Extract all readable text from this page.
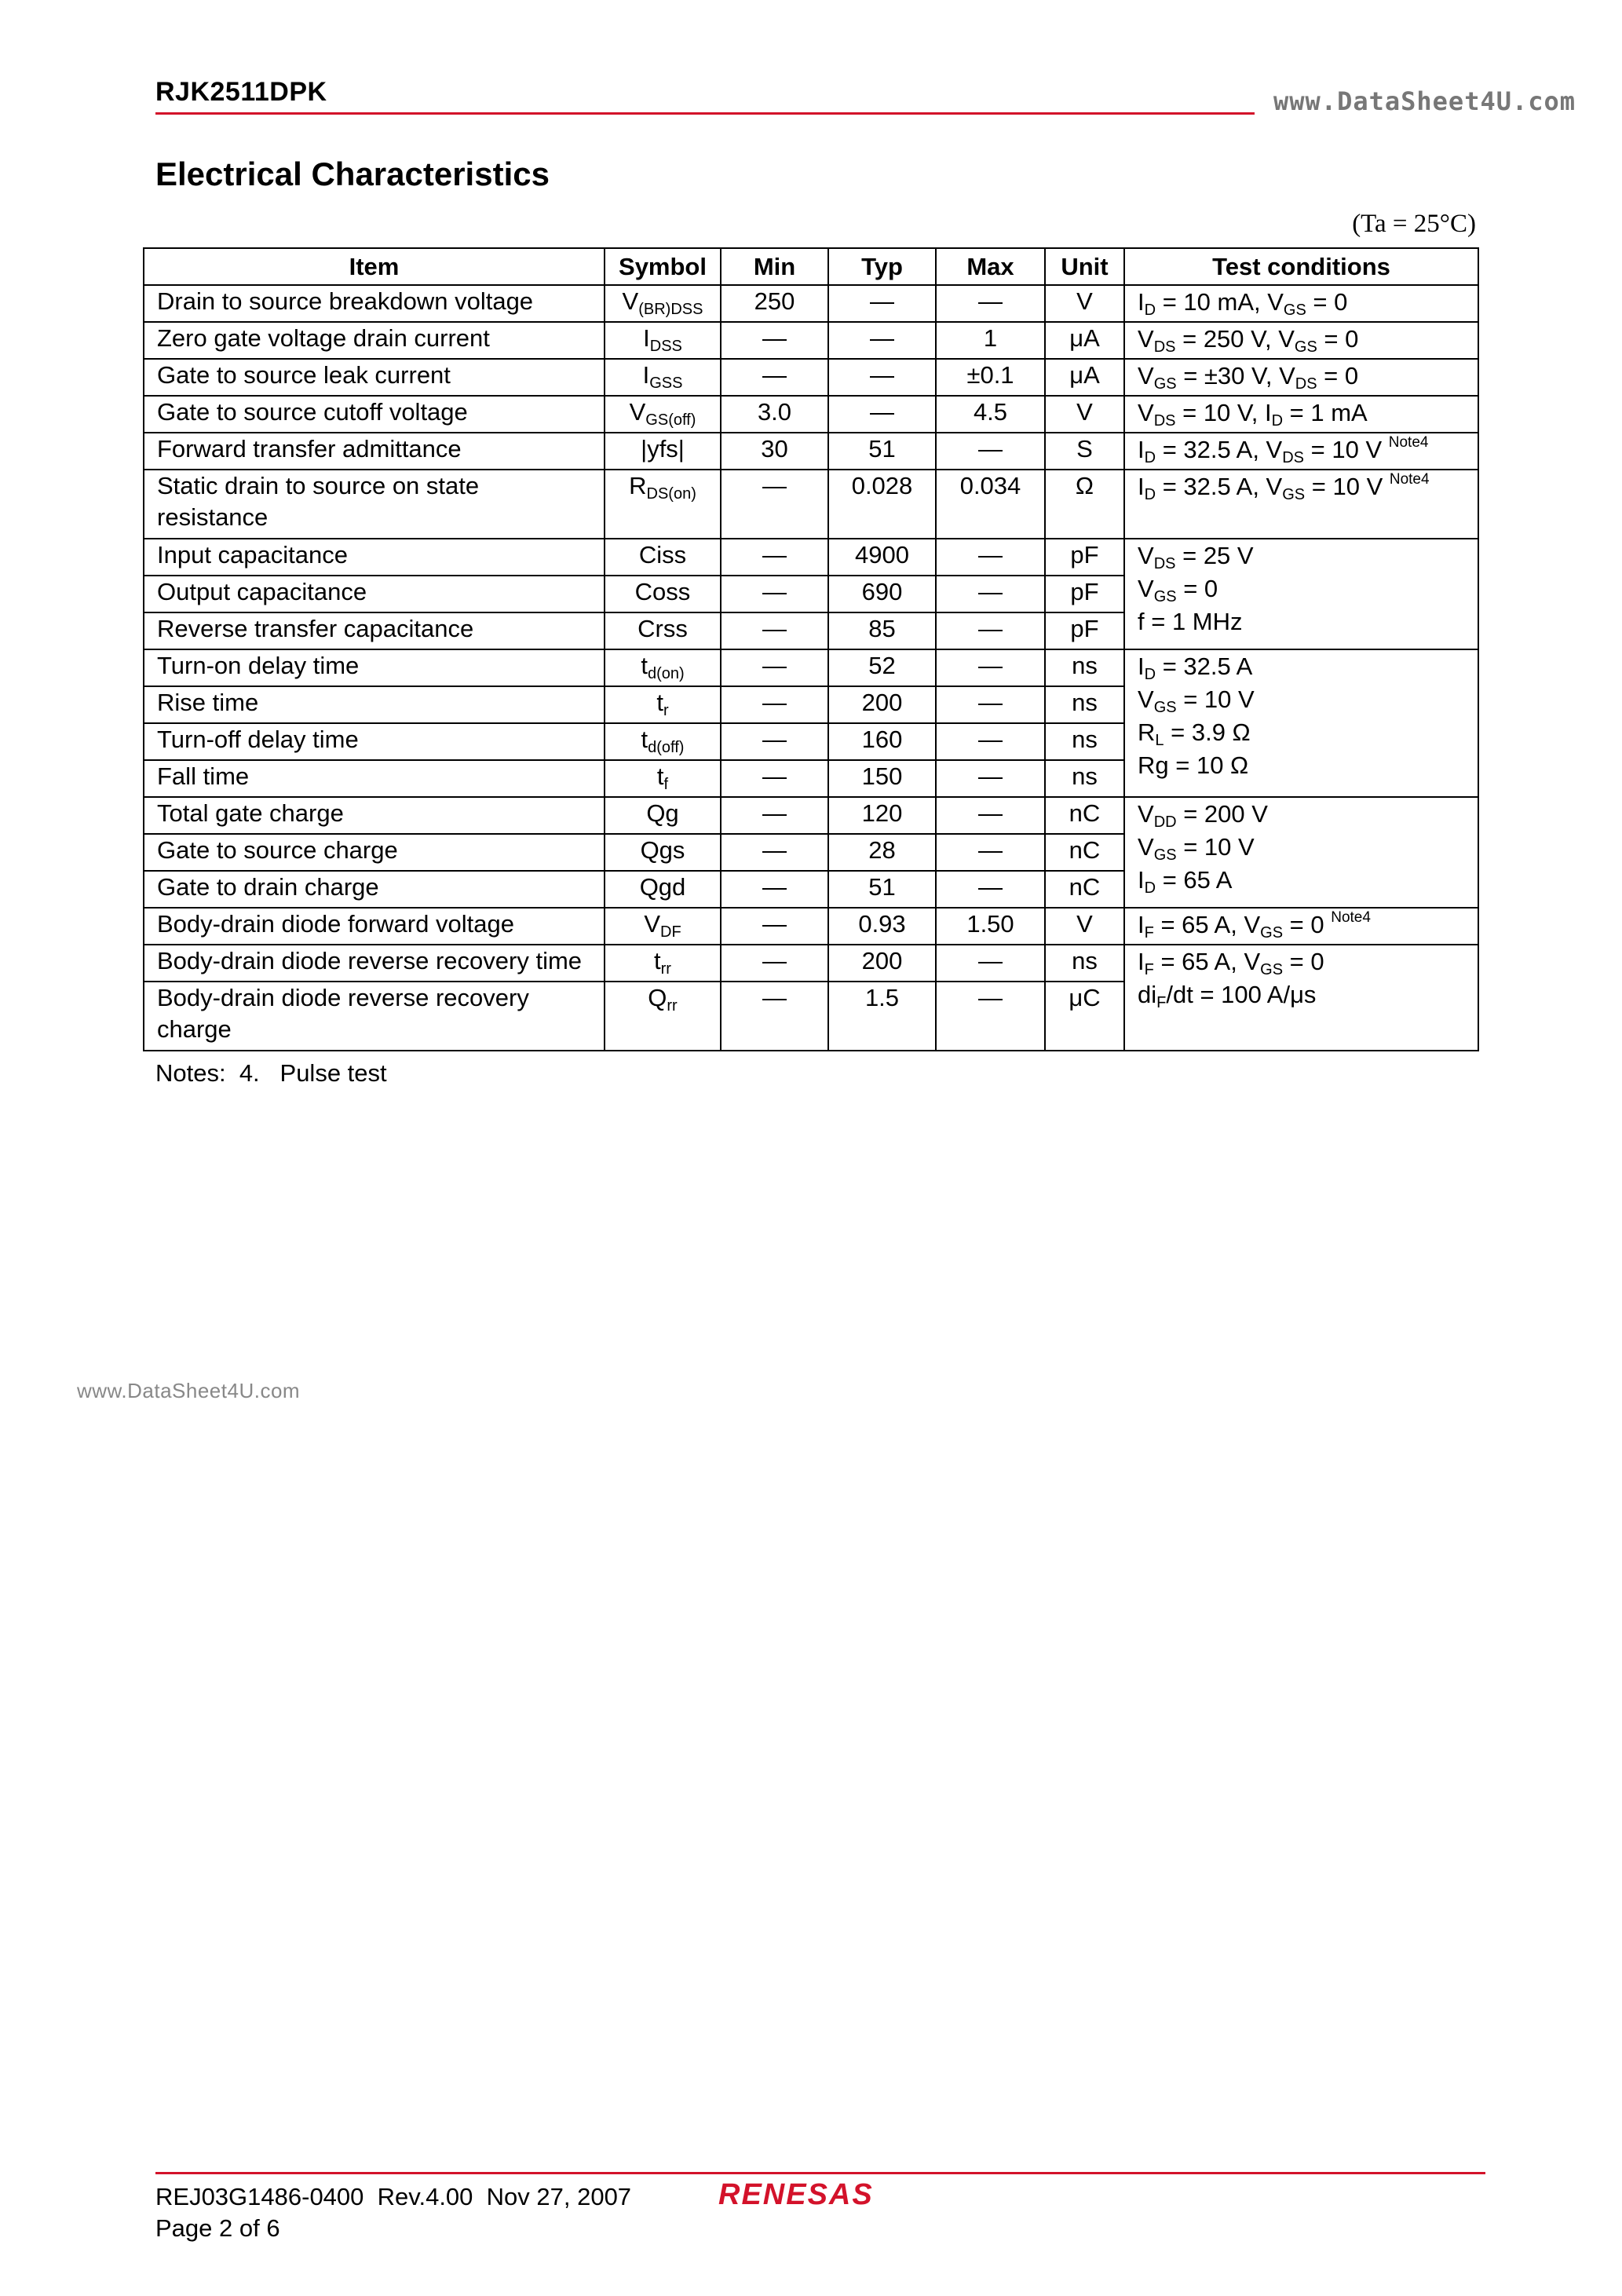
RJK2511DPK	www.DataSheet4U.com
Electrical Characteristics
(Ta = 25°C)
Item	Symbol	Min	Typ	Max	Unit	Test conditions
Drain to source breakdown voltage	$V_{(BR)DSS}$	250	—	—	V	$I_D = 10$ mA, $V_{GS} = 0$
Zero gate voltage drain current	$I_{DSS}$	—	—	1	μA	$V_{DS} = 250$ V, $V_{GS} = 0$
Gate to source leak current	$I_{GSS}$	—	—	±0.1	μA	$V_{GS} = \pm 30$ V, $V_{DS} = 0$
Gate to source cutoff voltage	$V_{GS(off)}$	3.0	—	4.5	V	$V_{DS} = 10$ V, $I_D = 1$ mA
Forward transfer admittance	|yfs|	30	51	—	S	$I_D = 32.5$ A, $V_{DS} = 10$ V $^{Note4}$
Static drain to source on state resistance	$R_{DS(on)}$	—	0.028	0.034	Ω	$I_D = 32.5$ A, $V_{GS} = 10$ V $^{Note4}$
Input capacitance	Ciss	—	4900	—	pF	$V_{DS} = 25$ V
$V_{GS} = 0$
f = 1 MHz
Output capacitance	Coss	—	690	—	pF	
Reverse transfer capacitance	Crss	—	85	—	pF	
Turn-on delay time	$t_{d(on)}$	—	52	—	ns	$I_D = 32.5$ A
$V_{GS} = 10$ V
$R_L = 3.9$ Ω
Rg = 10 Ω
Rise time	$t_r$	—	200	—	ns	
Turn-off delay time	$t_{d(off)}$	—	160	—	ns	
Fall time	$t_f$	—	150	—	ns	
Total gate charge	Qg	—	120	—	nC	$V_{DD} = 200$ V
$V_{GS} = 10$ V
$I_D = 65$ A
Gate to source charge	Qgs	—	28	—	nC	
Gate to drain charge	Qgd	—	51	—	nC	
Body-drain diode forward voltage	$V_{DF}$	—	0.93	1.50	V	$I_F = 65$ A, $V_{GS} = 0$ $^{Note4}$
Body-drain diode reverse recovery time	$t_{rr}$	—	200	—	ns	$I_F = 65$ A, $V_{GS} = 0$
$di_F/dt = 100$ A/μs
Body-drain diode reverse recovery charge	$Q_{rr}$	—	1.5	—	μC	
Notes:  4.   Pulse test
www.DataSheet4U.com
REJ03G1486-0400  Rev.4.00  Nov 27, 2007
Page 2 of 6
RENESAS
